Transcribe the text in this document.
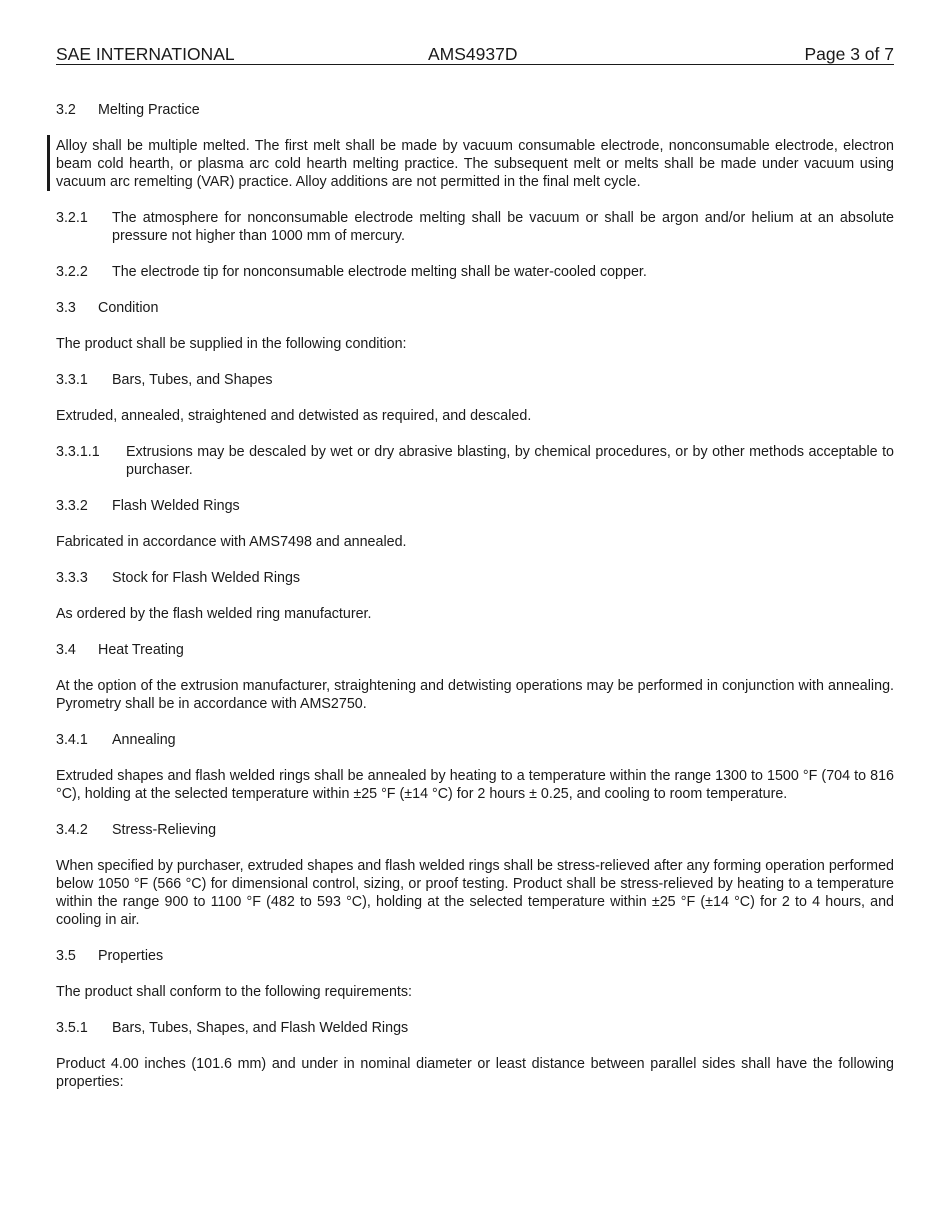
SAE INTERNATIONAL	AMS4937D	Page 3 of 7
3.2	Melting Practice
Alloy shall be multiple melted. The first melt shall be made by vacuum consumable electrode, nonconsumable electrode, electron beam cold hearth, or plasma arc cold hearth melting practice. The subsequent melt or melts shall be made under vacuum using vacuum arc remelting (VAR) practice. Alloy additions are not permitted in the final melt cycle.
3.2.1	The atmosphere for nonconsumable electrode melting shall be vacuum or shall be argon and/or helium at an absolute pressure not higher than 1000 mm of mercury.
3.2.2	The electrode tip for nonconsumable electrode melting shall be water-cooled copper.
3.3	Condition
The product shall be supplied in the following condition:
3.3.1	Bars, Tubes, and Shapes
Extruded, annealed, straightened and detwisted as required, and descaled.
3.3.1.1	Extrusions may be descaled by wet or dry abrasive blasting, by chemical procedures, or by other methods acceptable to purchaser.
3.3.2	Flash Welded Rings
Fabricated in accordance with AMS7498 and annealed.
3.3.3	Stock for Flash Welded Rings
As ordered by the flash welded ring manufacturer.
3.4	Heat Treating
At the option of the extrusion manufacturer, straightening and detwisting operations may be performed in conjunction with annealing. Pyrometry shall be in accordance with AMS2750.
3.4.1	Annealing
Extruded shapes and flash welded rings shall be annealed by heating to a temperature within the range 1300 to 1500 °F (704 to 816 °C), holding at the selected temperature within ±25 °F (±14 °C) for 2 hours ± 0.25, and cooling to room temperature.
3.4.2	Stress-Relieving
When specified by purchaser, extruded shapes and flash welded rings shall be stress-relieved after any forming operation performed below 1050 °F (566 °C) for dimensional control, sizing, or proof testing. Product shall be stress-relieved by heating to a temperature within the range 900 to 1100 °F (482 to 593 °C), holding at the selected temperature within ±25 °F (±14 °C) for 2 to 4 hours, and cooling in air.
3.5	Properties
The product shall conform to the following requirements:
3.5.1	Bars, Tubes, Shapes, and Flash Welded Rings
Product 4.00 inches (101.6 mm) and under in nominal diameter or least distance between parallel sides shall have the following properties:
